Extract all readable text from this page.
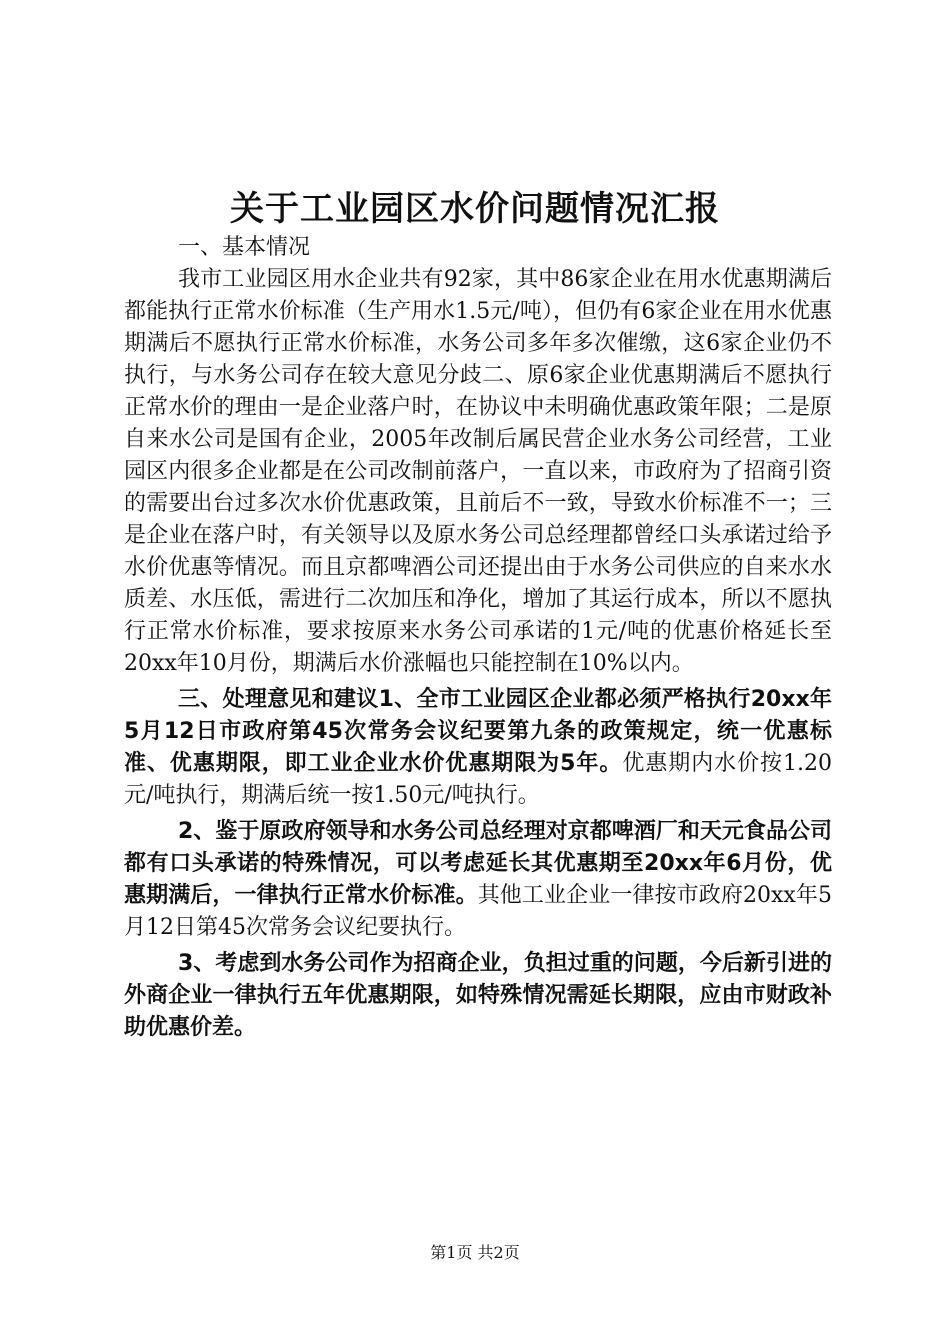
关于工业园区水价问题情况汇报

一、基本情况

我市工业园区用水企业共有92家，其中86家企业在用水优惠期满后都能执行正常水价标准（生产用水1.5元/吨），但仍有6家企业在用水优惠期满后不愿执行正常水价标准，水务公司多年多次催缴，这6家企业仍不执行，与水务公司存在较大意见分歧二、原6家企业优惠期满后不愿执行正常水价的理由一是企业落户时，在协议中未明确优惠政策年限；二是原自来水公司是国有企业，2005年改制后属民营企业水务公司经营，工业园区内很多企业都是在公司改制前落户，一直以来，市政府为了招商引资的需要出台过多次水价优惠政策，且前后不一致，导致水价标准不一；三是企业在落户时，有关领导以及原水务公司总经理都曾经口头承诺过给予水价优惠等情况。而且京都啤酒公司还提出由于水务公司供应的自来水水质差、水压低，需进行二次加压和净化，增加了其运行成本，所以不愿执行正常水价标准，要求按原来水务公司承诺的1元/吨的优惠价格延长至20xx年10月份，期满后水价涨幅也只能控制在10%以内。

三、处理意见和建议1、全市工业园区企业都必须严格执行20xx年5月12日市政府第45次常务会议纪要第九条的政策规定，统一优惠标准、优惠期限，即工业企业水价优惠期限为5年。优惠期内水价按1.20元/吨执行，期满后统一按1.50元/吨执行。

2、鉴于原政府领导和水务公司总经理对京都啤酒厂和天元食品公司都有口头承诺的特殊情况，可以考虑延长其优惠期至20xx年6月份，优惠期满后，一律执行正常水价标准。其他工业企业一律按市政府20xx年5月12日第45次常务会议纪要执行。

3、考虑到水务公司作为招商企业，负担过重的问题，今后新引进的外商企业一律执行五年优惠期限，如特殊情况需延长期限，应由市财政补助优惠价差。

第1页 共2页
